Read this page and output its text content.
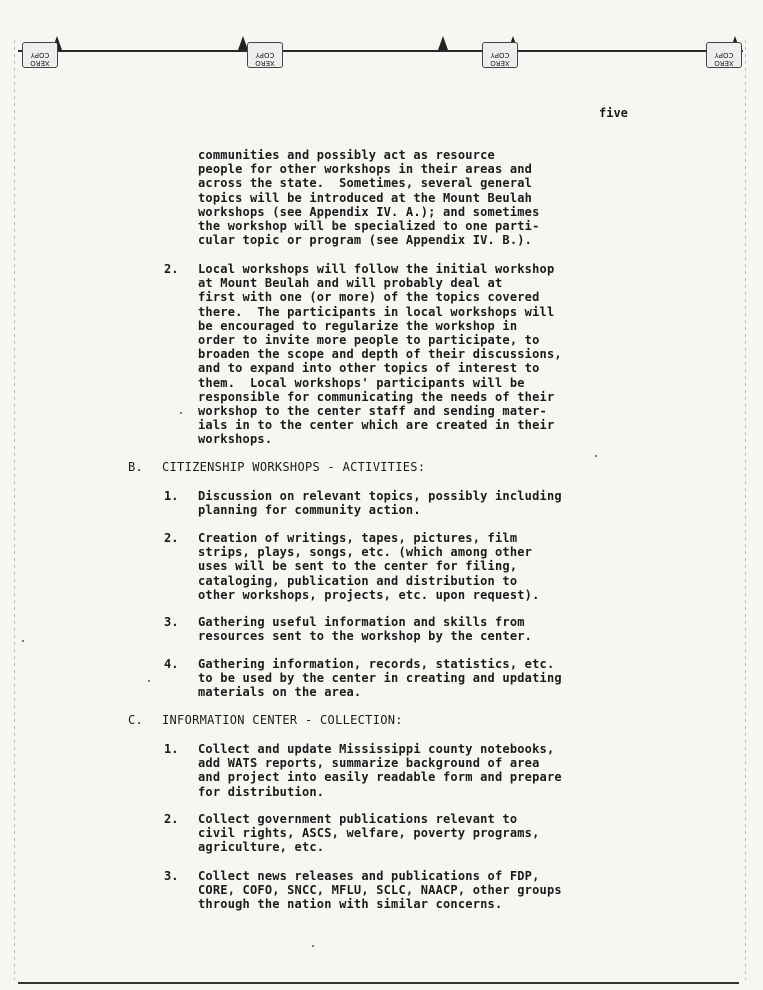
XERO COPY
XERO COPY
XERO COPY
XERO COPY
five

communities and possibly act as resource
people for other workshops in their areas and
across the state.  Sometimes, several general
topics will be introduced at the Mount Beulah
workshops (see Appendix IV. A.); and sometimes
the workshop will be specialized to one parti-
cular topic or program (see Appendix IV. B.).

2. Local workshops will follow the initial workshop
at Mount Beulah and will probably deal at
first with one (or more) of the topics covered
there.  The participants in local workshops will
be encouraged to regularize the workshop in
order to invite more people to participate, to
broaden the scope and depth of their discussions,
and to expand into other topics of interest to
them.  Local workshops' participants will be
responsible for communicating the needs of their
workshop to the center staff and sending mater-
ials in to the center which are created in their
workshops.

B. CITIZENSHIP WORKSHOPS - ACTIVITIES:

1. Discussion on relevant topics, possibly including
planning for community action.

2. Creation of writings, tapes, pictures, film
strips, plays, songs, etc. (which among other
uses will be sent to the center for filing,
cataloging, publication and distribution to
other workshops, projects, etc. upon request).

3. Gathering useful information and skills from
resources sent to the workshop by the center.

4. Gathering information, records, statistics, etc.
to be used by the center in creating and updating
materials on the area.

C. INFORMATION CENTER - COLLECTION:

1. Collect and update Mississippi county notebooks,
add WATS reports, summarize background of area
and project into easily readable form and prepare
for distribution.

2. Collect government publications relevant to
civil rights, ASCS, welfare, poverty programs,
agriculture, etc.

3. Collect news releases and publications of FDP,
CORE, COFO, SNCC, MFLU, SCLC, NAACP, other groups
through the nation with similar concerns.
